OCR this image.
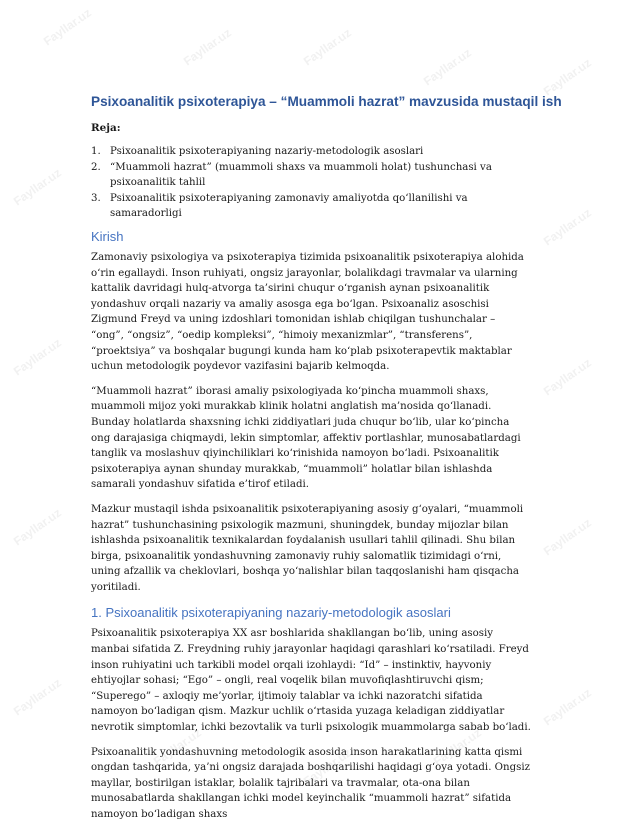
Fayllar.uz	Fayllar.uz	Fayllar.uz	Fayllar.uz	Fayllar.uz
Fayllar.uz
Fayllar.uz
Fayllar.uz	Fayllar.uz
Fayllar.uz	Fayllar.uz
Fayllar.uz
Fayllar.uz	Fayllar.uz	Fayllar.uz
Fayllar.uz
Psixoanalitik psixoterapiya – “Muammoli hazrat” mavzusida mustaqil ish
Reja:
1. Psixoanalitik psixoterapiyaning nazariy-metodologik asoslari
2. “Muammoli hazrat” (muammoli shaxs va muammoli holat) tushunchasi va psixoanalitik tahlil
3. Psixoanalitik psixoterapiyaning zamonaviy amaliyotda qo‘llanilishi va samaradorligi
Kirish

Zamonaviy psixologiya va psixoterapiya tizimida psixoanalitik psixoterapiya alohida o‘rin egallaydi. Inson ruhiyati, ongsiz jarayonlar, bolalikdagi travmalar va ularning kattalik davridagi hulq-atvorga ta’sirini chuqur o‘rganish aynan psixoanalitik yondashuv orqali nazariy va amaliy asosga ega bo‘lgan. Psixoanaliz asoschisi Zigmund Freyd va uning izdoshlari tomonidan ishlab chiqilgan tushunchalar – “ong”, “ongsiz”, “oedip kompleksi”, “himoiy mexanizmlar”, “transferens”, “proektsiya” va boshqalar bugungi kunda ham ko‘plab psixoterapevtik maktablar uchun metodologik poydevor vazifasini bajarib kelmoqda.

“Muammoli hazrat” iborasi amaliy psixologiyada ko‘pincha muammoli shaxs, muammoli mijoz yoki murakkab klinik holatni anglatish ma’nosida qo‘llanadi. Bunday holatlarda shaxsning ichki ziddiyatlari juda chuqur bo‘lib, ular ko‘pincha ong darajasiga chiqmaydi, lekin simptomlar, affektiv portlashlar, munosabatlardagi tanglik va moslashuv qiyinchiliklari ko‘rinishida namoyon bo‘ladi. Psixoanalitik psixoterapiya aynan shunday murakkab, “muammoli” holatlar bilan ishlashda samarali yondashuv sifatida e’tirof etiladi.

Mazkur mustaqil ishda psixoanalitik psixoterapiyaning asosiy g‘oyalari, “muammoli hazrat” tushunchasining psixologik mazmuni, shuningdek, bunday mijozlar bilan ishlashda psixoanalitik texnikalardan foydalanish usullari tahlil qilinadi. Shu bilan birga, psixoanalitik yondashuvning zamonaviy ruhiy salomatlik tizimidagi o‘rni, uning afzallik va cheklovlari, boshqa yo‘nalishlar bilan taqqoslanishi ham qisqacha yoritiladi.

1. Psixoanalitik psixoterapiyaning nazariy-metodologik asoslari

Psixoanalitik psixoterapiya XX asr boshlarida shakllangan bo‘lib, uning asosiy manbai sifatida Z. Freydning ruhiy jarayonlar haqidagi qarashlari ko‘rsatiladi. Freyd inson ruhiyatini uch tarkibli model orqali izohlaydi: “Id” – instinktiv, hayvoniy ehtiyojlar sohasi; “Ego” – ongli, real voqelik bilan muvofiqlashtiruvchi qism; “Superego” – axloqiy me’yorlar, ijtimoiy talablar va ichki nazoratchi sifatida namoyon bo‘ladigan qism. Mazkur uchlik o‘rtasida yuzaga keladigan ziddiyatlar nevrotik simptomlar, ichki bezovtalik va turli psixologik muammolarga sabab bo‘ladi.

Psixoanalitik yondashuvning metodologik asosida inson harakatlarining katta qismi ongdan tashqarida, ya’ni ongsiz darajada boshqarilishi haqidagi g‘oya yotadi. Ongsiz mayllar, bostirilgan istaklar, bolalik tajribalari va travmalar, ota-ona bilan munosabatlarda shakllangan ichki model keyinchalik “muammoli hazrat” sifatida namoyon bo‘ladigan shaxs
